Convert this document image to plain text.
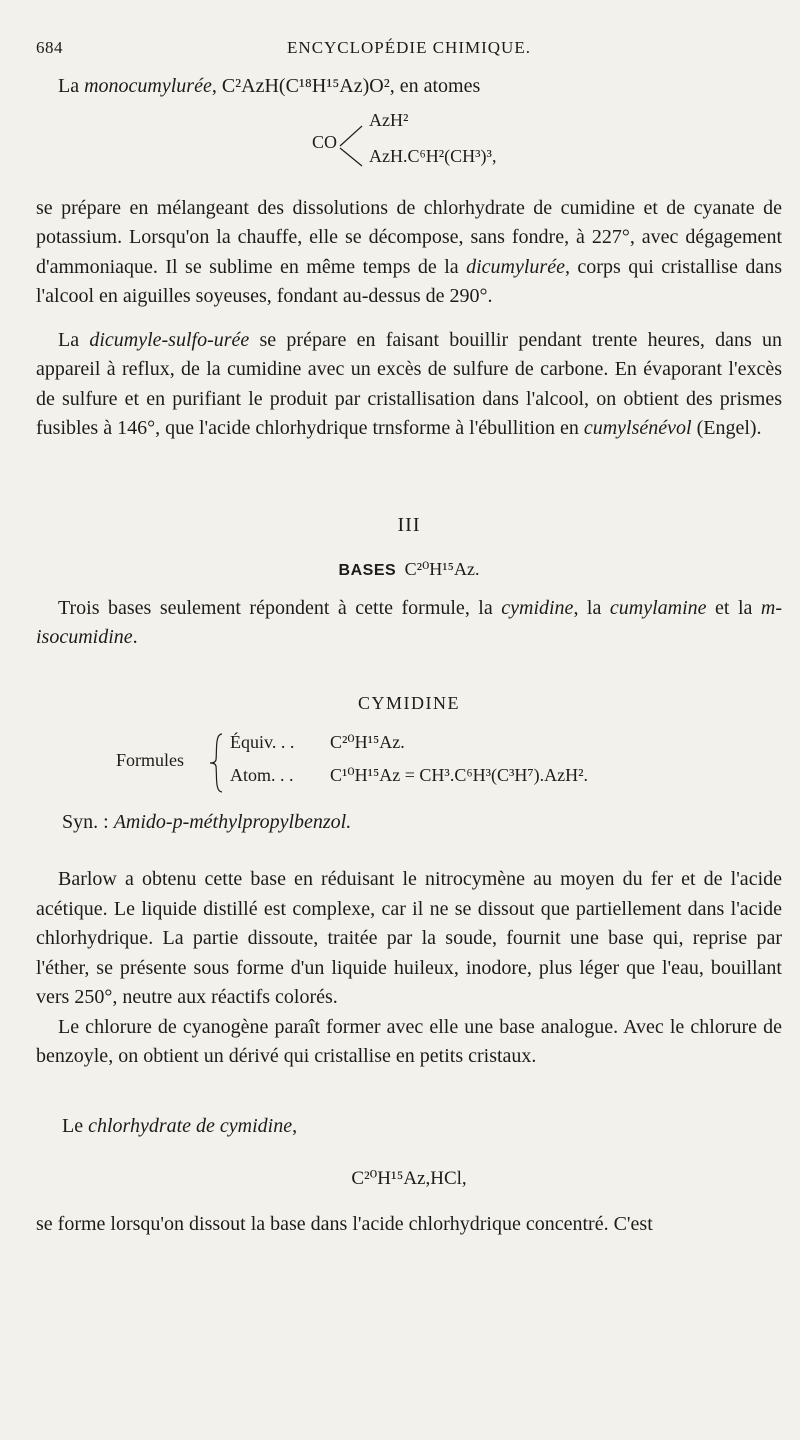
684	ENCYCLOPÉDIE CHIMIQUE.

La monocumylurée, C²AzH(C¹⁸H¹⁵Az)O², en atomes

CO
AzH²
AzH.C⁶H²(CH³)³,

se prépare en mélangeant des dissolutions de chlorhydrate de cumidine et de cyanate de potassium. Lorsqu'on la chauffe, elle se décompose, sans fondre, à 227°, avec dégagement d'ammoniaque. Il se sublime en même temps de la dicumylurée, corps qui cristallise dans l'alcool en aiguilles soyeuses, fondant au-dessus de 290°.

La dicumyle-sulfo-urée se prépare en faisant bouillir pendant trente heures, dans un appareil à reflux, de la cumidine avec un excès de sulfure de carbone. En évaporant l'excès de sulfure et en purifiant le produit par cristallisation dans l'alcool, on obtient des prismes fusibles à 146°, que l'acide chlorhydrique trnsforme à l'ébullition en cumylsénévol (Engel).

III
BASES C²⁰H¹⁵Az.

Trois bases seulement répondent à cette formule, la cymidine, la cumylamine et la m-isocumidine.

CYMIDINE
Formules
Équiv. . . C²⁰H¹⁵Az.
Atom. . . C¹⁰H¹⁵Az = CH³.C⁶H³(C³H⁷).AzH².

Syn. : Amido-p-méthylpropylbenzol.

Barlow a obtenu cette base en réduisant le nitrocymène au moyen du fer et de l'acide acétique. Le liquide distillé est complexe, car il ne se dissout que partiellement dans l'acide chlorhydrique. La partie dissoute, traitée par la soude, fournit une base qui, reprise par l'éther, se présente sous forme d'un liquide huileux, inodore, plus léger que l'eau, bouillant vers 250°, neutre aux réactifs colorés.

Le chlorure de cyanogène paraît former avec elle une base analogue. Avec le chlorure de benzoyle, on obtient un dérivé qui cristallise en petits cristaux.

Le chlorhydrate de cymidine,

C²⁰H¹⁵Az,HCl,

se forme lorsqu'on dissout la base dans l'acide chlorhydrique concentré. C'est
